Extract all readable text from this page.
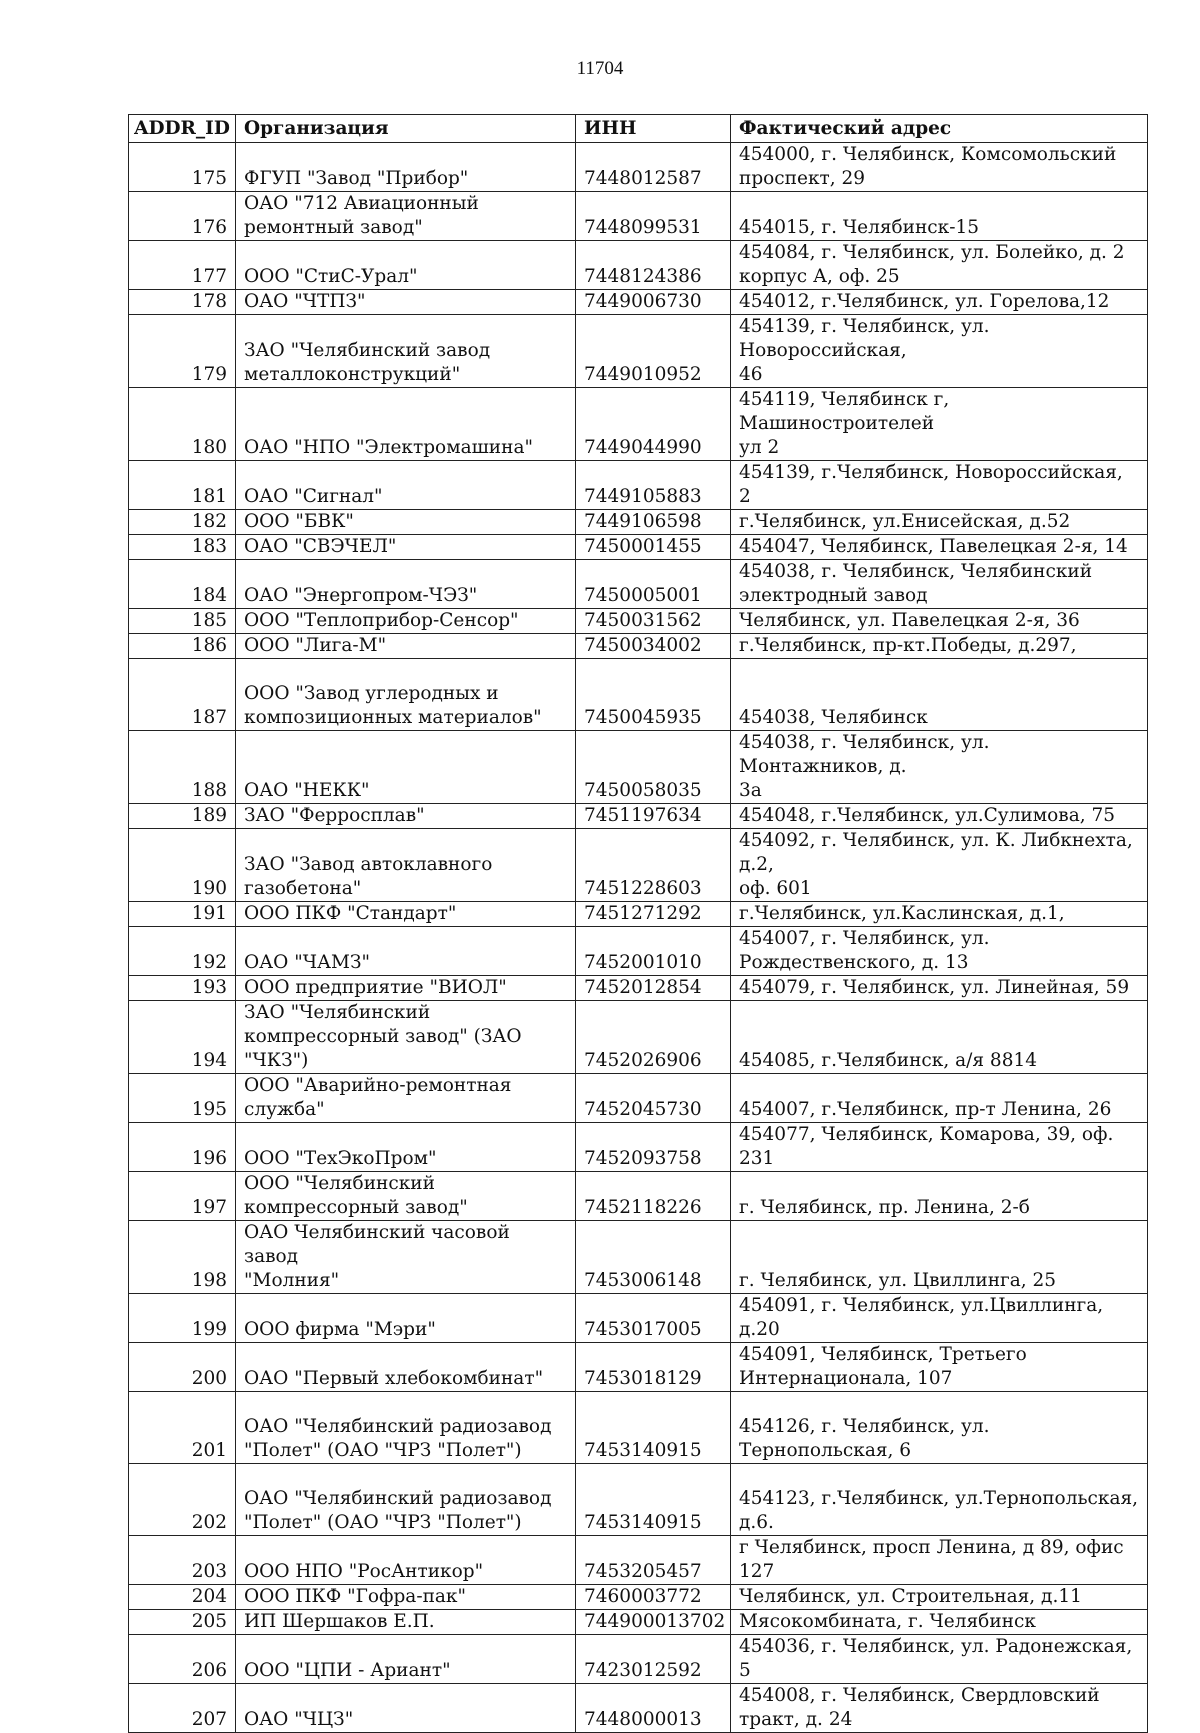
11704
ADDR_ID	Организация	ИНН	Фактический адрес
175	ФГУП "Завод "Прибор"	7448012587	454000, г. Челябинск, Комсомольский
проспект, 29
176	ОАО "712 Авиационный
ремонтный завод"	7448099531	454015, г. Челябинск-15
177	ООО "СтиС-Урал"	7448124386	454084, г. Челябинск, ул. Болейко, д. 2
корпус А, оф. 25
178	ОАО "ЧТПЗ"	7449006730	454012, г.Челябинск, ул. Горелова,12
179	ЗАО "Челябинский завод
металлоконструкций"	7449010952	454139, г. Челябинск, ул. Новороссийская,
46
180	ОАО "НПО "Электромашина"	7449044990	454119, Челябинск г, Машиностроителей
ул 2
181	ОАО "Сигнал"	7449105883	454139, г.Челябинск, Новороссийская, 2
182	ООО "БВК"	7449106598	г.Челябинск, ул.Енисейская, д.52
183	ОАО "СВЭЧЕЛ"	7450001455	454047, Челябинск, Павелецкая 2-я, 14
184	ОАО "Энергопром-ЧЭЗ"	7450005001	454038, г. Челябинск, Челябинский
электродный завод
185	ООО "Теплоприбор-Сенсор"	7450031562	Челябинск, ул. Павелецкая 2-я, 36
186	ООО "Лига-М"	7450034002	г.Челябинск, пр-кт.Победы, д.297,
187	ООО "Завод углеродных и
композиционных материалов"	7450045935	454038, Челябинск
188	ОАО "НЕКК"	7450058035	454038, г. Челябинск, ул. Монтажников, д.
3а
189	ЗАО "Ферросплав"	7451197634	454048, г.Челябинск, ул.Сулимова, 75
190	ЗАО "Завод автоклавного
газобетона"	7451228603	454092, г. Челябинск, ул. К. Либкнехта, д.2,
оф. 601
191	ООО ПКФ "Стандарт"	7451271292	г.Челябинск, ул.Каслинская, д.1,
192	ОАО "ЧАМЗ"	7452001010	454007, г. Челябинск, ул.
Рождественского, д. 13
193	ООО предприятие "ВИОЛ"	7452012854	454079, г. Челябинск, ул. Линейная, 59
194	ЗАО "Челябинский
компрессорный завод" (ЗАО
"ЧКЗ")	7452026906	454085, г.Челябинск, а/я 8814
195	ООО "Аварийно-ремонтная
служба"	7452045730	454007, г.Челябинск, пр-т Ленина, 26
196	ООО "ТехЭкоПром"	7452093758	454077, Челябинск, Комарова, 39, оф. 231
197	ООО "Челябинский
компрессорный завод"	7452118226	г. Челябинск, пр. Ленина, 2-б
198	ОАО Челябинский часовой завод
"Молния"	7453006148	г. Челябинск, ул. Цвиллинга, 25
199	ООО фирма "Мэри"	7453017005	454091, г. Челябинск, ул.Цвиллинга, д.20
200	ОАО "Первый хлебокомбинат"	7453018129	454091, Челябинск, Третьего
Интернационала, 107
201	ОАО "Челябинский радиозавод
"Полет" (ОАО "ЧРЗ "Полет")	7453140915	454126, г. Челябинск, ул. Тернопольская, 6
202	ОАО "Челябинский радиозавод
"Полет" (ОАО "ЧРЗ "Полет")	7453140915	454123, г.Челябинск, ул.Тернопольская,
д.6.
203	ООО НПО "РосАнтикор"	7453205457	г Челябинск, просп Ленина, д 89, офис 127
204	ООО ПКФ "Гофра-пак"	7460003772	Челябинск, ул. Строительная, д.11
205	ИП Шершаков Е.П.	744900013702	Мясокомбината, г. Челябинск
206	ООО "ЦПИ - Ариант"	7423012592	454036, г. Челябинск, ул. Радонежская, 5
207	ОАО "ЧЦЗ"	7448000013	454008, г. Челябинск, Свердловский
тракт, д. 24
